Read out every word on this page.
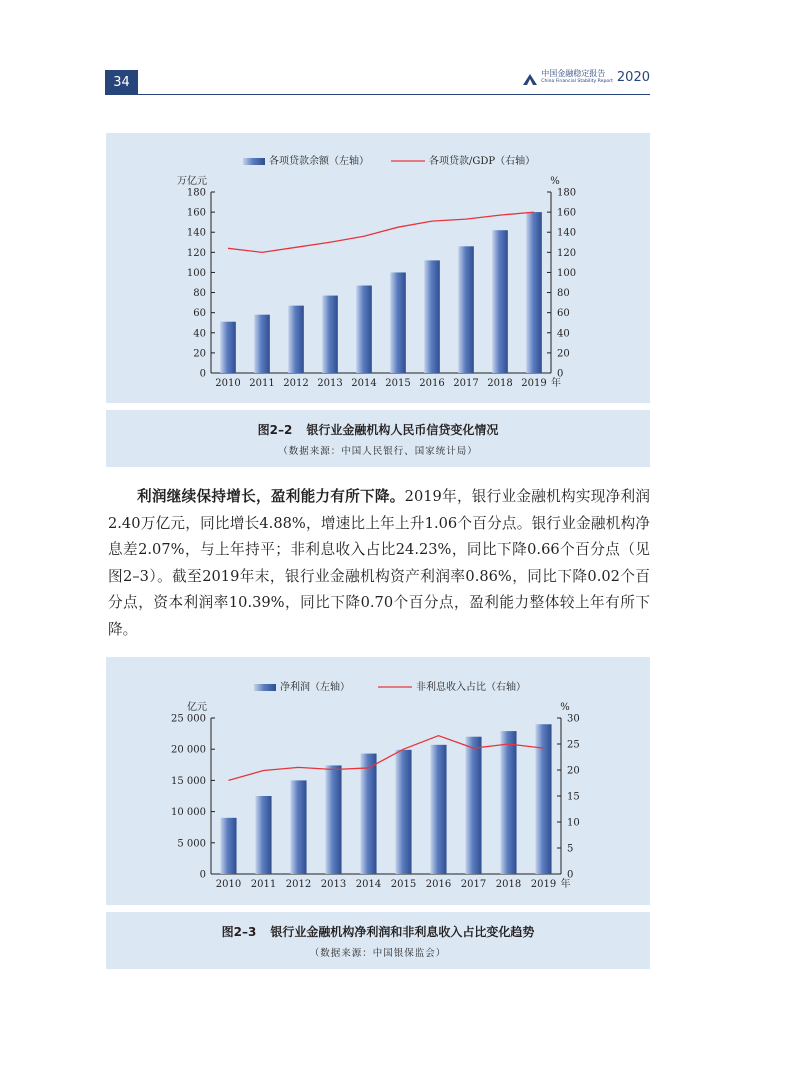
34
中国金融稳定报告
China Financial Stability Report 2020
各项贷款余额（左轴）	各项贷款/GDP（右轴）
万亿元	%
0
20
40
60
80
100
120
140
160
180
0
20
40
60
80
100
120
140
160
180
2010 2011 2012 2013 2014 2015 2016 2017 2018 2019 年
图2–2 银行业金融机构人民币信贷变化情况
（数据来源：中国人民银行、国家统计局）

利润继续保持增长，盈利能力有所下降。2019年，银行业金融机构实现净利润2.40万亿元，同比增长4.88%，增速比上年上升1.06个百分点。银行业金融机构净息差2.07%，与上年持平；非利息收入占比24.23%，同比下降0.66个百分点（见图2–3）。截至2019年末，银行业金融机构资产利润率0.86%，同比下降0.02个百分点，资本利润率10.39%，同比下降0.70个百分点，盈利能力整体较上年有所下降。

净利润（左轴）	非利息收入占比（右轴）
亿元	%
0
5 000
10 000
15 000
20 000
25 000
0
5
10
15
20
25
30
2010 2011 2012 2013 2014 2015 2016 2017 2018 2019 年
图2–3 银行业金融机构净利润和非利息收入占比变化趋势
（数据来源：中国银保监会）
